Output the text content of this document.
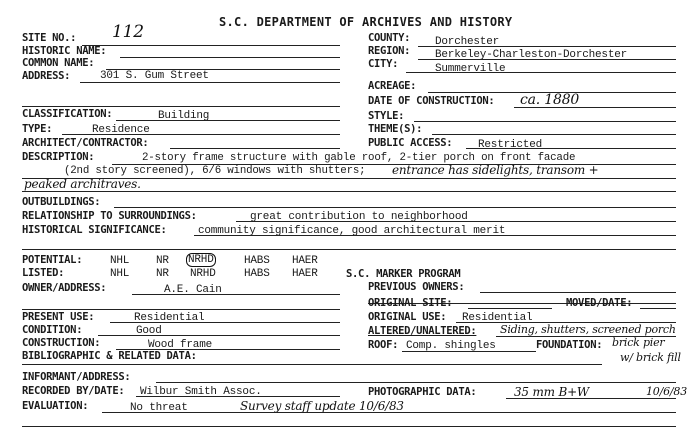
S.C. DEPARTMENT OF ARCHIVES AND HISTORY
SITE NO.: 112
HISTORIC NAME:
COMMON NAME:
ADDRESS:	301 S. Gum Street
COUNTY: Dorchester
REGION: Berkeley-Charleston-Dorchester
CITY:	Summerville
ACREAGE:
DATE OF CONSTRUCTION: ca. 1880
CLASSIFICATION:	Building	STYLE:
TYPE:	Residence	THEME(S):
ARCHITECT/CONTRACTOR:	PUBLIC ACCESS: Restricted
DESCRIPTION:	2-story frame structure with gable roof, 2-tier porch on front facade
(2nd story screened), 6/6 windows with shutters; entrance has sidelights, transom +
peaked architraves.
OUTBUILDINGS:
RELATIONSHIP TO SURROUNDINGS:	great contribution to neighborhood
HISTORICAL SIGNIFICANCE:	community significance, good architectural merit
POTENTIAL:	NHL NR NRHD	HABS HAER
LISTED:	NHL NR NRHD	HABS HAER	S.C. MARKER PROGRAM
OWNER/ADDRESS:	A.E. Cain	PREVIOUS OWNERS:
ORIGINAL SITE:	MOVED/DATE:
PRESENT USE:	Residential	ORIGINAL USE: Residential
CONDITION:	Good	ALTERED/UNALTERED: Siding, shutters, screened porch
CONSTRUCTION:	Wood frame	ROOF: Comp. shingles	FOUNDATION: brick pier
w/ brick fill
BIBLIOGRAPHIC & RELATED DATA:
INFORMANT/ADDRESS:
RECORDED BY/DATE: Wilbur Smith Assoc.	PHOTOGRAPHIC DATA:	35 mm B+W	10/6/83
EVALUATION:	No threat	Survey staff update 10/6/83
